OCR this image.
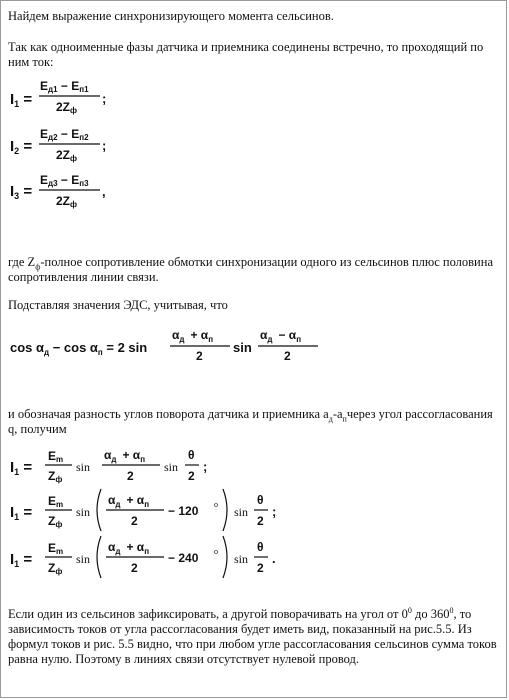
Найдем выражение синхронизирующего момента сельсинов.
Так как одноименные фазы датчика и приемника соединены встречно, то проходящий по ним ток:
где $Z_ф$-полное сопротивление обмотки синхронизации одного из сельсинов плюс половина сопротивления линии связи.
Подставляя значения ЭДС, учитывая, что
и обозначая разность углов поворота датчика и приемника $a_д-a_пчерез$ угол рассогласования q, получим
Если один из сельсинов зафиксировать, а другой поворачивать на угол от $0^0$ до $360^0$, то зависимость токов от угла рассогласования будет иметь вид, показанный на рис.5.5. Из формул токов и рис. 5.5 видно, что при любом угле рассогласования сельсинов сумма токов равна нулю. Поэтому в линиях связи отсутствует нулевой провод.
$I_1$ =
Eд1 − Eп1
2Zф
;
$I_2$ =
Eд2 − Eп2
2Zф
;
$I_3$ =
Eд3 − Eп3
2Zф
,
$\cos \alpha_д - \cos \alpha_п = 2$ sin
$\alpha_д + \alpha_п$
2
sin
$\alpha_д - \alpha_п$
2
$I_1$ =
Em
Zф
sin
$\alpha_д + \alpha_п$
2
sin
θ
2
;
$I_1$ =
Em
Zф
sin
$\alpha_д + \alpha_п$
2
− 120 o
sin
θ
2
;
$I_1$ =
Em
Zф
sin
$\alpha_д + \alpha_п$
2
− 240 o
sin
θ
2
.
